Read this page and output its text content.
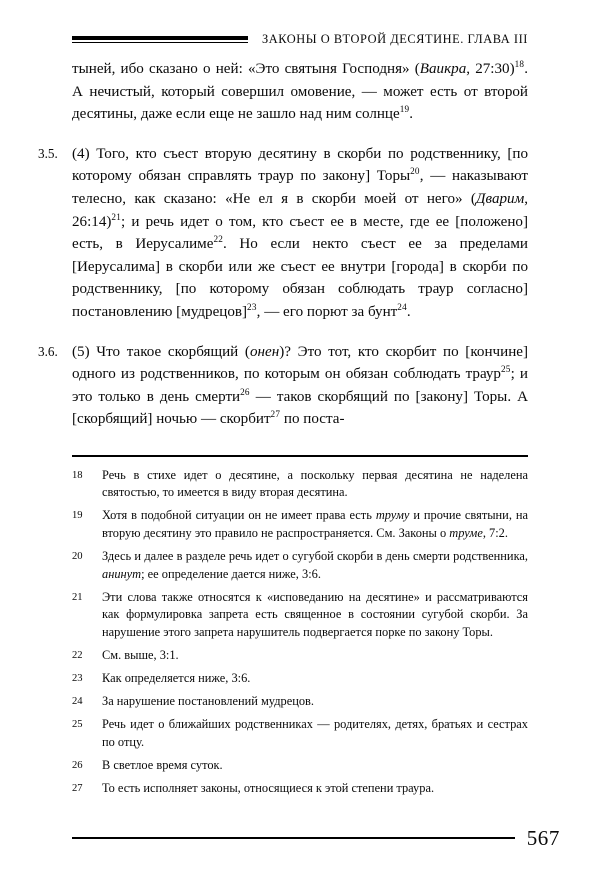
ЗАКОНЫ О ВТОРОЙ ДЕСЯТИНЕ. ГЛАВА III

тыней, ибо сказано о ней: «Это святыня Господня» (Ваикра, 27:30)$^{18}$. А нечистый, который совершил омовение, — может есть от второй десятины, даже если еще не зашло над ним солнце$^{19}$.

3.5. (4) Того, кто съест вторую десятину в скорби по родственнику, [по которому обязан справлять траур по закону] Торы$^{20}$, — наказывают телесно, как сказано: «Не ел я в скорби моей от него» (Дварим, 26:14)$^{21}$; и речь идет о том, кто съест ее в месте, где ее [положено] есть, в Иерусалиме$^{22}$. Но если некто съест ее за пределами [Иерусалима] в скорби или же съест ее внутри [города] в скорби по родственнику, [по которому обязан соблюдать траур согласно] постановлению [мудрецов]$^{23}$, — его порют за бунт$^{24}$.

3.6. (5) Что такое скорбящий (онен)? Это тот, кто скорбит по [кончине] одного из родственников, по которым он обязан соблюдать траур$^{25}$; и это только в день смерти$^{26}$ — таков скорбящий по [закону] Торы. А [скорбящий] ночью — скорбит$^{27}$ по поста-

18	Речь в стихе идет о десятине, а поскольку первая десятина не наделена святостью, то имеется в виду вторая десятина.
19	Хотя в подобной ситуации он не имеет права есть труму и прочие святыни, на вторую десятину это правило не распространяется. См. Законы о труме, 7:2.
20	Здесь и далее в разделе речь идет о сугубой скорби в день смерти родственника, анинут; ее определение дается ниже, 3:6.
21	Эти слова также относятся к «исповеданию на десятине» и рассматриваются как формулировка запрета есть священное в состоянии сугубой скорби. За нарушение этого запрета нарушитель подвергается порке по закону Торы.
22	См. выше, 3:1.
23	Как определяется ниже, 3:6.
24	За нарушение постановлений мудрецов.
25	Речь идет о ближайших родственниках — родителях, детях, братьях и сестрах по отцу.
26	В светлое время суток.
27	То есть исполняет законы, относящиеся к этой степени траура.
567
